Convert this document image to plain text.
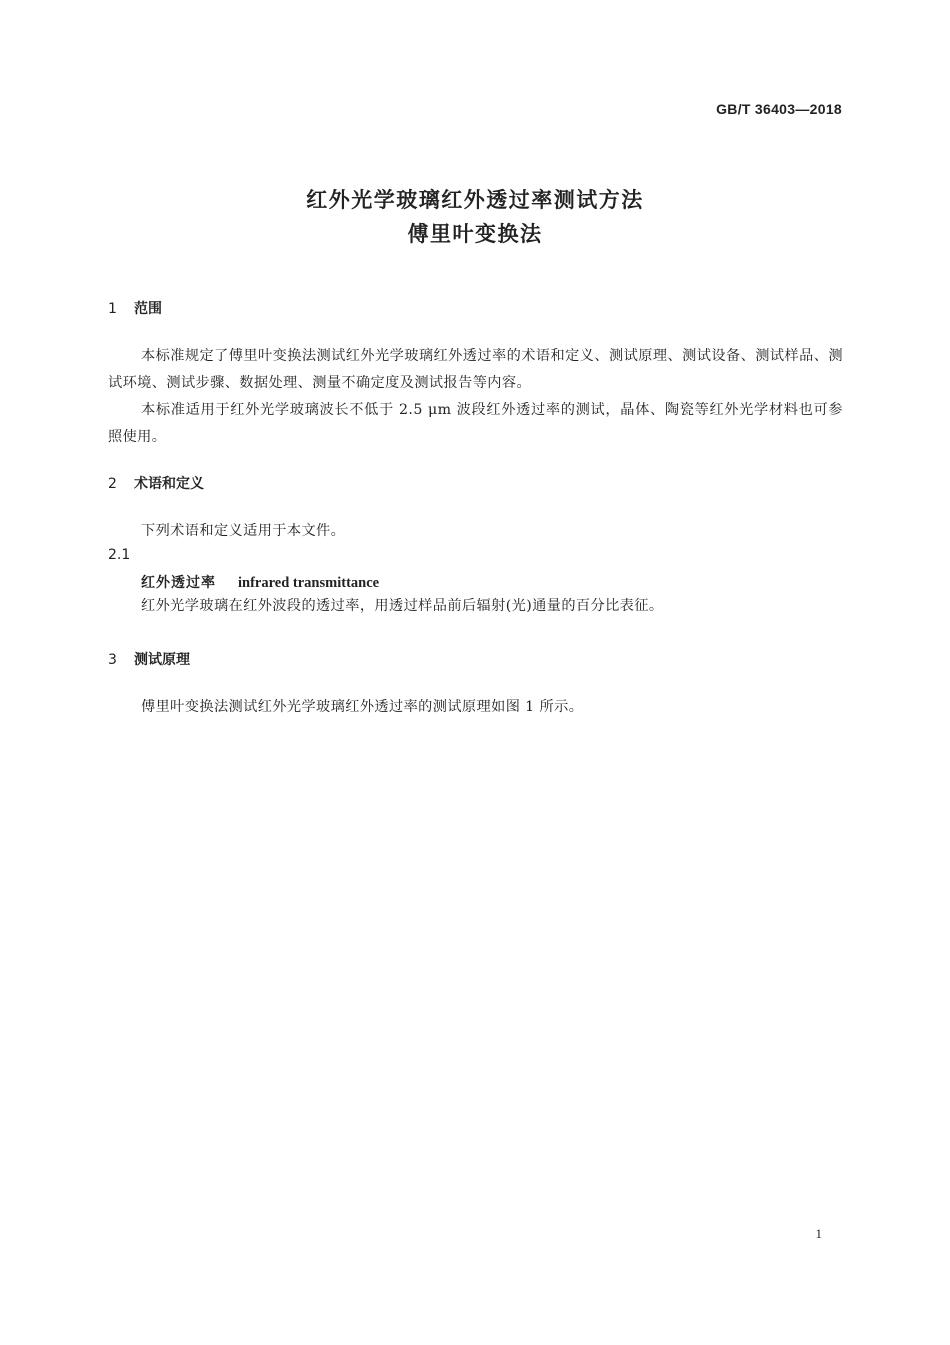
GB/T 36403—2018
红外光学玻璃红外透过率测试方法
傅里叶变换法
1	范围

本标准规定了傅里叶变换法测试红外光学玻璃红外透过率的术语和定义、测试原理、测试设备、测试样品、测试环境、测试步骤、数据处理、测量不确定度及测试报告等内容。

本标准适用于红外光学玻璃波长不低于 2.5 μm 波段红外透过率的测试，晶体、陶瓷等红外光学材料也可参照使用。

2	术语和定义

下列术语和定义适用于本文件。

2.1
红外透过率 infrared transmittance

红外光学玻璃在红外波段的透过率，用透过样品前后辐射(光)通量的百分比表征。

3	测试原理

傅里叶变换法测试红外光学玻璃红外透过率的测试原理如图 1 所示。

1
